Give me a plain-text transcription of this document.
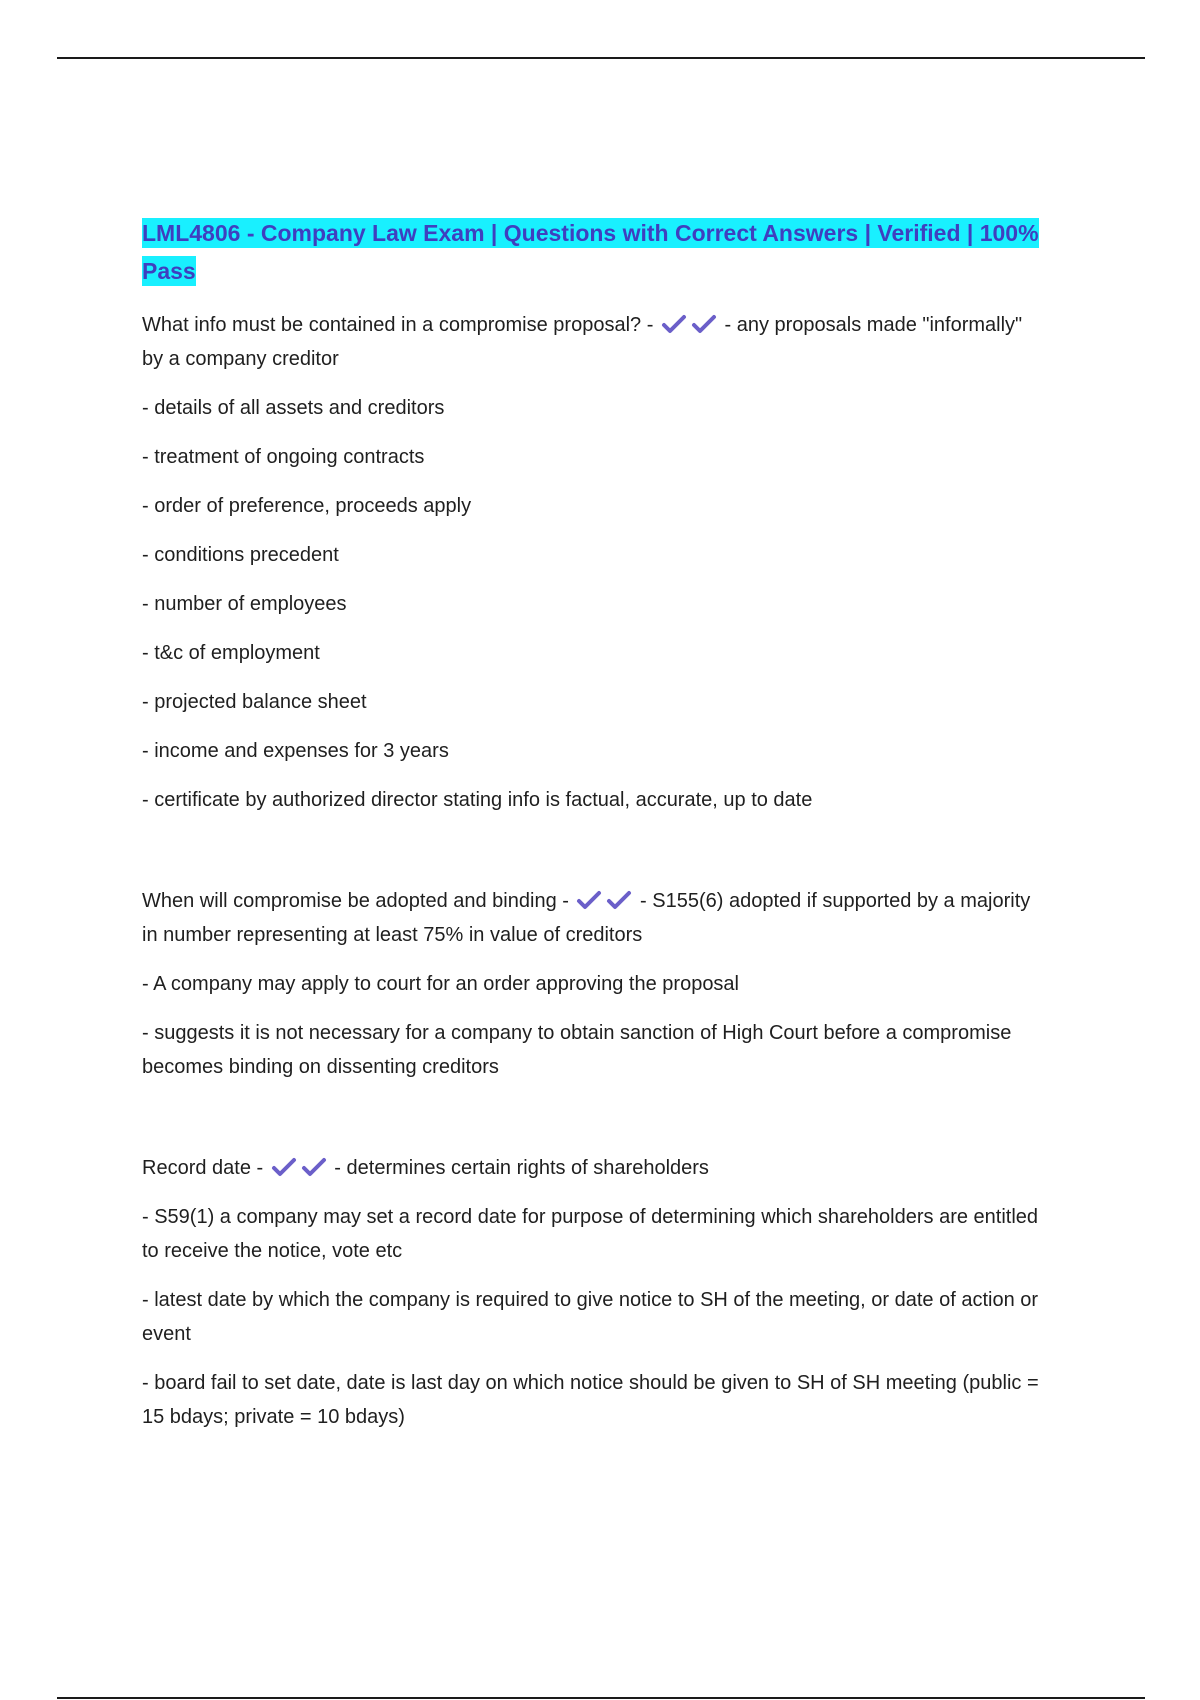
LML4806 - Company Law Exam | Questions with Correct Answers | Verified | 100% Pass

What info must be contained in a compromise proposal? -	- any proposals made "informally" by a company creditor

- details of all assets and creditors

- treatment of ongoing contracts

- order of preference, proceeds apply

- conditions precedent

- number of employees

- t&c of employment

- projected balance sheet

- income and expenses for 3 years

- certificate by authorized director stating info is factual, accurate, up to date

When will compromise be adopted and binding -	- S155(6) adopted if supported by a majority in number representing at least 75% in value of creditors

- A company may apply to court for an order approving the proposal

- suggests it is not necessary for a company to obtain sanction of High Court before a compromise becomes binding on dissenting creditors

Record date -	- determines certain rights of shareholders

- S59(1) a company may set a record date for purpose of determining which shareholders are entitled to receive the notice, vote etc

- latest date by which the company is required to give notice to SH of the meeting, or date of action or event

- board fail to set date, date is last day on which notice should be given to SH of SH meeting (public = 15 bdays; private = 10 bdays)
